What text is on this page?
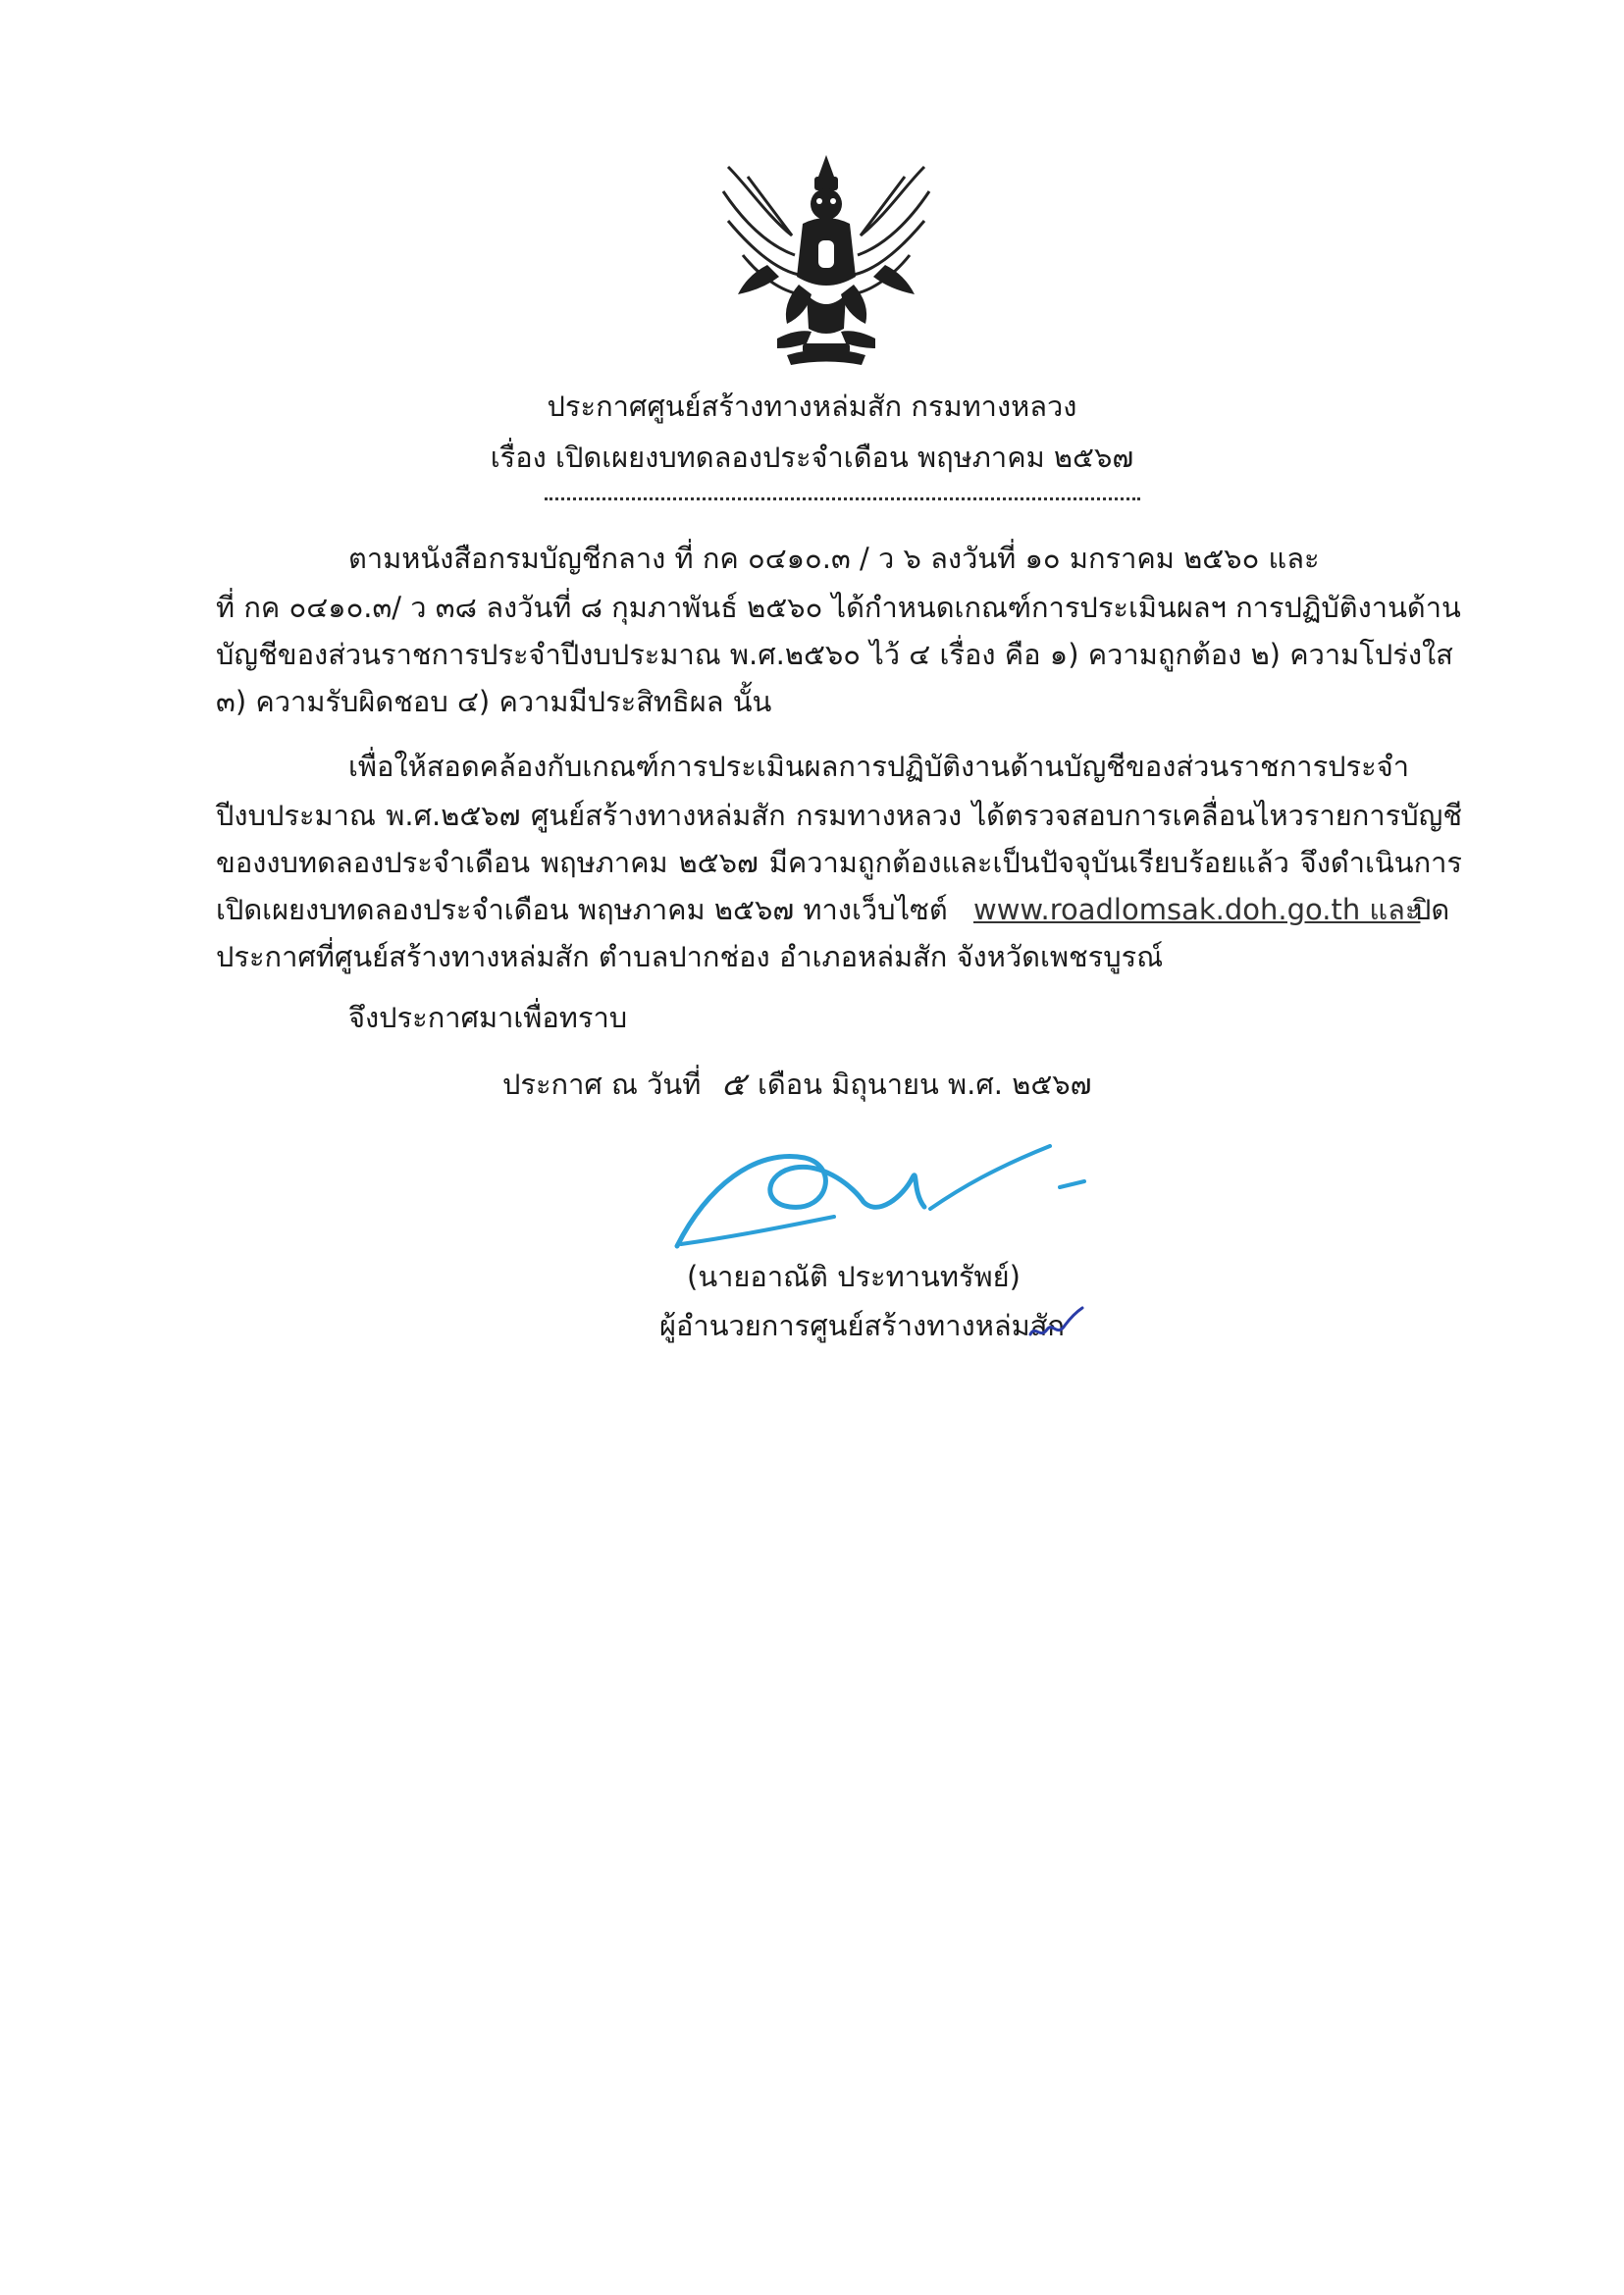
ประกาศศูนย์สร้างทางหล่มสัก กรมทางหลวง
เรื่อง เปิดเผยงบทดลองประจำเดือน พฤษภาคม ๒๕๖๗
ตามหนังสือกรมบัญชีกลาง ที่ กค ๐๔๑๐.๓ / ว ๖ ลงวันที่ ๑๐ มกราคม ๒๕๖๐ และ
ที่ กค ๐๔๑๐.๓/ ว ๓๘ ลงวันที่ ๘ กุมภาพันธ์ ๒๕๖๐ ได้กำหนดเกณฑ์การประเมินผลฯ การปฏิบัติงานด้าน
บัญชีของส่วนราชการประจำปีงบประมาณ พ.ศ.๒๕๖๐ ไว้ ๔ เรื่อง คือ ๑) ความถูกต้อง ๒) ความโปร่งใส
๓) ความรับผิดชอบ ๔) ความมีประสิทธิผล นั้น
เพื่อให้สอดคล้องกับเกณฑ์การประเมินผลการปฏิบัติงานด้านบัญชีของส่วนราชการประจำ
ปีงบประมาณ พ.ศ.๒๕๖๗ ศูนย์สร้างทางหล่มสัก กรมทางหลวง ได้ตรวจสอบการเคลื่อนไหวรายการบัญชี
ของงบทดลองประจำเดือน พฤษภาคม ๒๕๖๗ มีความถูกต้องและเป็นปัจจุบันเรียบร้อยแล้ว จึงดำเนินการ
เปิดเผยงบทดลองประจำเดือน พฤษภาคม ๒๕๖๗ ทางเว็บไซต์ www.roadlomsak.doh.go.th และ
ปิด
ประกาศที่ศูนย์สร้างทางหล่มสัก ตำบลปากช่อง อำเภอหล่มสัก จังหวัดเพชรบูรณ์
จึงประกาศมาเพื่อทราบ
ประกาศ ณ วันที่ ๕ เดือน มิถุนายน พ.ศ. ๒๕๖๗
(นายอาณัติ ประทานทรัพย์)
ผู้อำนวยการศูนย์สร้างทางหล่มสัก
